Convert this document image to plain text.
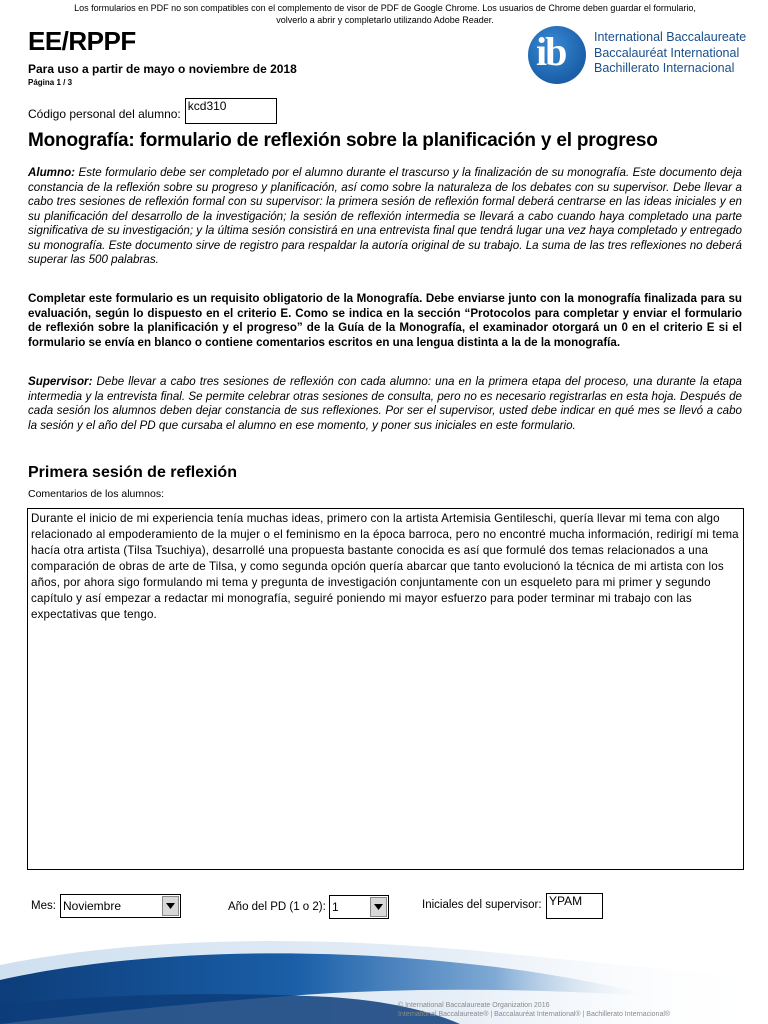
Los formularios en PDF no son compatibles con el complemento de visor de PDF de Google Chrome. Los usuarios de Chrome deben guardar el formulario,
volverlo a abrir y completarlo utilizando Adobe Reader.
EE/RPPF
Para uso a partir de mayo o noviembre de 2018
Página 1 / 3
ib International Baccalaureate
Baccalauréat International
Bachillerato Internacional
Código personal del alumno:
kcd310
Monografía: formulario de reflexión sobre la planificación y el progreso
Alumno: Este formulario debe ser completado por el alumno durante el trascurso y la finalización de su monografía. Este documento deja constancia de la reflexión sobre su progreso y planificación, así como sobre la naturaleza de los debates con su supervisor. Debe llevar a cabo tres sesiones de reflexión formal con su supervisor: la primera sesión de reflexión formal deberá centrarse en las ideas iniciales y en su planificación del desarrollo de la investigación; la sesión de reflexión intermedia se llevará a cabo cuando haya completado una parte significativa de su investigación; y la última sesión consistirá en una entrevista final que tendrá lugar una vez haya completado y entregado su monografía. Este documento sirve de registro para respaldar la autoría original de su trabajo. La suma de las tres reflexiones no deberá superar las 500 palabras.
Completar este formulario es un requisito obligatorio de la Monografía. Debe enviarse junto con la monografía finalizada para su evaluación, según lo dispuesto en el criterio E. Como se indica en la sección “Protocolos para completar y enviar el formulario de reflexión sobre la planificación y el progreso” de la Guía de la Monografía, el examinador otorgará un 0 en el criterio E si el formulario se envía en blanco o contiene comentarios escritos en una lengua distinta a la de la monografía.
Supervisor: Debe llevar a cabo tres sesiones de reflexión con cada alumno: una en la primera etapa del proceso, una durante la etapa intermedia y la entrevista final. Se permite celebrar otras sesiones de consulta, pero no es necesario registrarlas en esta hoja. Después de cada sesión los alumnos deben dejar constancia de sus reflexiones. Por ser el supervisor, usted debe indicar en qué mes se llevó a cabo la sesión y el año del PD que cursaba el alumno en ese momento, y poner sus iniciales en este formulario.
Primera sesión de reflexión
Comentarios de los alumnos:
Durante el inicio de mi experiencia tenía muchas ideas, primero con la artista Artemisia Gentileschi, quería llevar mi tema con algo relacionado al empoderamiento de la mujer o el feminismo en la época barroca, pero no encontré mucha información, redirigí mi tema hacía otra artista (Tilsa Tsuchiya), desarrollé una propuesta bastante conocida es así que formulé dos temas relacionados a una comparación de obras de arte de Tilsa, y como segunda opción quería abarcar que tanto evolucionó la técnica de mi artista con los años, por ahora sigo formulando mi tema y pregunta de investigación conjuntamente con un esqueleto para mi primer y segundo capítulo y así empezar a redactar mi monografía, seguiré poniendo mi mayor esfuerzo para poder terminar mi trabajo con las expectativas que tengo.
Mes: Noviembre	Año del PD (1 o 2): 1	Iniciales del supervisor: YPAM
© International Baccalaureate Organization 2016
International Baccalaureate® | Baccalauréat International® | Bachillerato Internacional®
